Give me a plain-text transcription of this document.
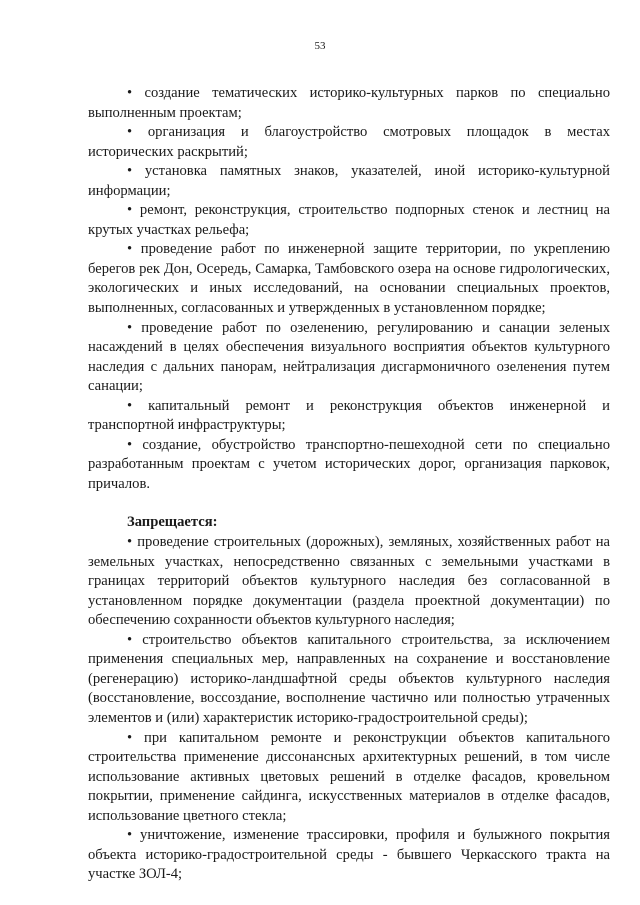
53

• создание тематических историко-культурных парков по специально выполненным проектам;

• организация и благоустройство смотровых площадок в местах исторических раскрытий;

• установка памятных знаков, указателей, иной историко-культурной информации;

• ремонт, реконструкция, строительство подпорных стенок и лестниц на крутых участках рельефа;

• проведение работ по инженерной защите территории, по укреплению берегов рек Дон, Осередь, Самарка, Тамбовского озера на основе гидрологических, экологических и иных исследований, на основании специальных проектов, выполненных, согласованных и утвержденных в установленном порядке;

• проведение работ по озеленению, регулированию и санации зеленых насаждений в целях обеспечения визуального восприятия объектов культурного наследия с дальних панорам, нейтрализация дисгармоничного озеленения путем санации;

• капитальный ремонт и реконструкция объектов инженерной и транспортной инфраструктуры;

• создание, обустройство транспортно-пешеходной сети по специально разработанным проектам с учетом исторических дорог, организация парковок, причалов.

Запрещается:

• проведение строительных (дорожных), земляных, хозяйственных работ на земельных участках, непосредственно связанных с земельными участками в границах территорий объектов культурного наследия без согласованной в установленном порядке документации (раздела проектной документации) по обеспечению сохранности объектов культурного наследия;

• строительство объектов капитального строительства, за исключением применения специальных мер, направленных на сохранение и восстановление (регенерацию) историко-ландшафтной среды объектов культурного наследия (восстановление, воссоздание, восполнение частично или полностью утраченных элементов и (или) характеристик историко-градостроительной среды);

• при капитальном ремонте и реконструкции объектов капитального строительства применение диссонансных архитектурных решений, в том числе использование активных цветовых решений в отделке фасадов, кровельном покрытии, применение сайдинга, искусственных материалов в отделке фасадов, использование цветного стекла;

• уничтожение, изменение трассировки, профиля и булыжного покрытия объекта историко-градостроительной среды - бывшего Черкасского тракта на участке ЗОЛ-4;
